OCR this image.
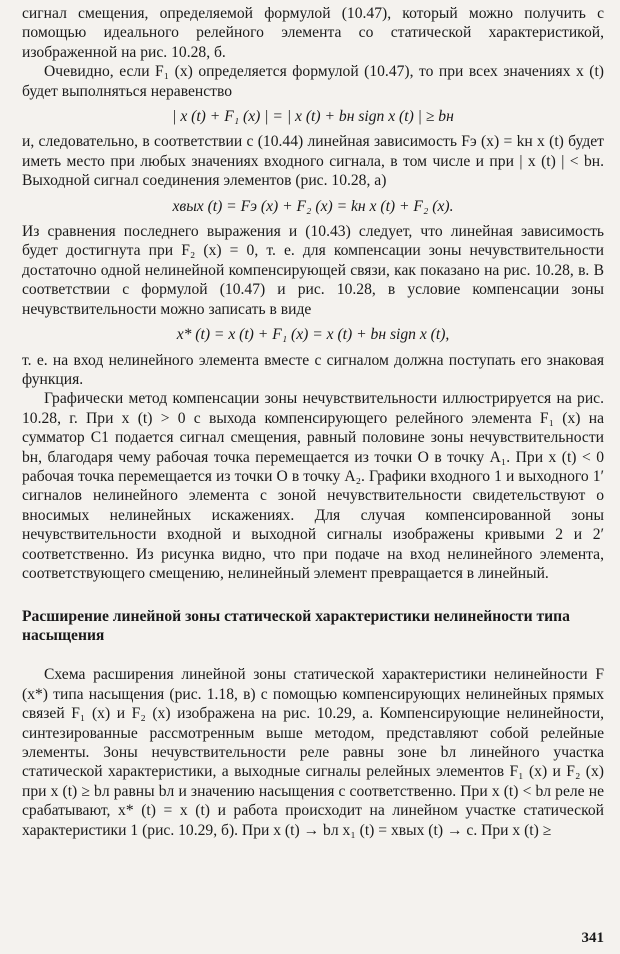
сигнал смещения, определяемой формулой (10.47), который можно получить с помощью идеального релейного элемента со статической характеристикой, изображенной на рис. 10.28, б.

Очевидно, если F₁ (x) определяется формулой (10.47), то при всех значениях x (t) будет выполняться неравенство

| x (t) + F₁ (x) | = | x (t) + bн sign x (t) | ≥ bн

и, следовательно, в соответствии с (10.44) линейная зависимость Fэ (x) = kн x (t) будет иметь место при любых значениях входного сигнала, в том числе и при | x (t) | < bн. Выходной сигнал соединения элементов (рис. 10.28, а)

xвых (t) = Fэ (x) + F₂ (x) = kн x (t) + F₂ (x).

Из сравнения последнего выражения и (10.43) следует, что линейная зависимость будет достигнута при F₂ (x) = 0, т. е. для компенсации зоны нечувствительности достаточно одной нелинейной компенсирующей связи, как показано на рис. 10.28, в. В соответствии с формулой (10.47) и рис. 10.28, в условие компенсации зоны нечувствительности можно записать в виде

x* (t) = x (t) + F₁ (x) = x (t) + bн sign x (t),

т. е. на вход нелинейного элемента вместе с сигналом должна поступать его знаковая функция.

Графически метод компенсации зоны нечувствительности иллюстрируется на рис. 10.28, г. При x (t) > 0 с выхода компенсирующего релейного элемента F₁ (x) на сумматор C1 подается сигнал смещения, равный половине зоны нечувствительности bн, благодаря чему рабочая точка перемещается из точки O в точку A₁. При x (t) < 0 рабочая точка перемещается из точки O в точку A₂. Графики входного 1 и выходного 1′ сигналов нелинейного элемента с зоной нечувствительности свидетельствуют о вносимых нелинейных искажениях. Для случая компенсированной зоны нечувствительности входной и выходной сигналы изображены кривыми 2 и 2′ соответственно. Из рисунка видно, что при подаче на вход нелинейного элемента, соответствующего смещению, нелинейный элемент превращается в линейный.

Расширение линейной зоны статической характеристики нелинейности типа насыщения

Схема расширения линейной зоны статической характеристики нелинейности F (x*) типа насыщения (рис. 1.18, в) с помощью компенсирующих нелинейных прямых связей F₁ (x) и F₂ (x) изображена на рис. 10.29, а. Компенсирующие нелинейности, синтезированные рассмотренным выше методом, представляют собой релейные элементы. Зоны нечувствительности реле равны зоне bл линейного участка статической характеристики, а выходные сигналы релейных элементов F₁ (x) и F₂ (x) при x (t) ≥ bл равны bл и значению насыщения c соответственно. При x (t) < bл реле не срабатывают, x* (t) = x (t) и работа происходит на линейном участке статической характеристики 1 (рис. 10.29, б). При x (t) → bл x₁ (t) = xвых (t) → c. При x (t) ≥

341
